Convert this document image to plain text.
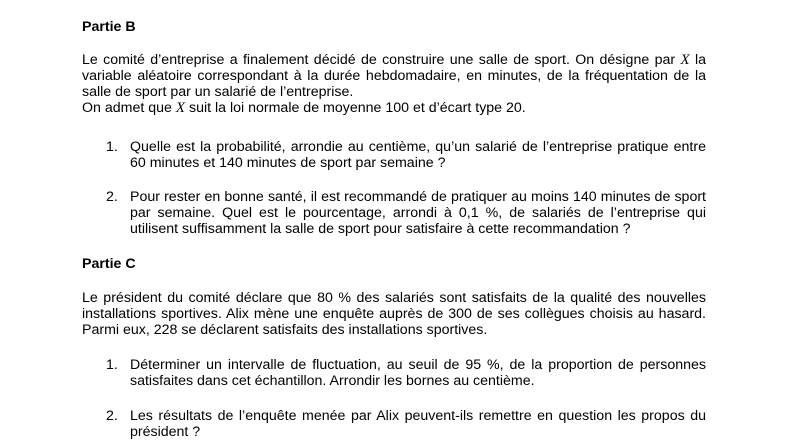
Partie B
Le comité d’entreprise a finalement décidé de construire une salle de sport. On désigne par X la variable aléatoire correspondant à la durée hebdomadaire, en minutes, de la fréquentation de la salle de sport par un salarié de l’entreprise.
On admet que X suit la loi normale de moyenne 100 et d’écart type 20.
1. Quelle est la probabilité, arrondie au centième, qu’un salarié de l’entreprise pratique entre 60 minutes et 140 minutes de sport par semaine ?
2. Pour rester en bonne santé, il est recommandé de pratiquer au moins 140 minutes de sport par semaine. Quel est le pourcentage, arrondi à 0,1 %, de salariés de l’entreprise qui utilisent suffisamment la salle de sport pour satisfaire à cette recommandation ?
Partie C
Le président du comité déclare que 80 % des salariés sont satisfaits de la qualité des nouvelles installations sportives. Alix mène une enquête auprès de 300 de ses collègues choisis au hasard. Parmi eux, 228 se déclarent satisfaits des installations sportives.
1. Déterminer un intervalle de fluctuation, au seuil de 95 %, de la proportion de personnes satisfaites dans cet échantillon. Arrondir les bornes au centième.
2. Les résultats de l’enquête menée par Alix peuvent-ils remettre en question les propos du président ?
